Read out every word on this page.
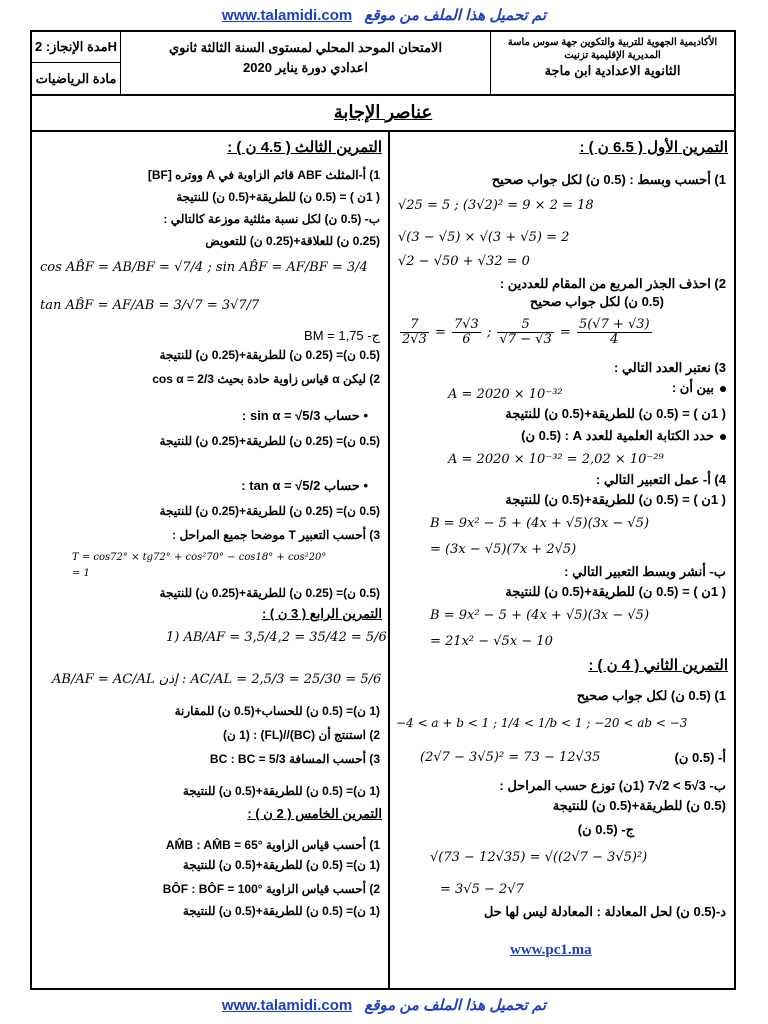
www.talamidi.com تم تحميل هذا الملف من موقع
مدة الإنجاز: 2H
مادة الرياضيات
الامتحان الموحد المحلي لمستوى السنة الثالثة ثانوي
اعدادي دورة يناير 2020
الأكاديمية الجهوية للتربية والتكوين جهة سوس ماسة
المديرية الإقليمية تزنيت
الثانوية الاعدادية ابن ماجة
عناصر الإجابة
التمرين الأول ( 6.5 ن ) :
1) أحسب وبسط : (0.5 ن) لكل جواب صحيح
√25 = 5 ; (3√2)² = 9 × 2 = 18
√(3 − √5) × √(3 + √5) = 2
√2 − √50 + √32 = 0
2) احذف الجذر المربع من المقام للعددين :
(0.5 ن) لكل جواب صحيح
$\frac{7}{2√3} = \frac{7√3}{6}$ ; $\frac{5}{√7 - √3} = \frac{5(√7 + √3)}{4}$
3) نعتبر العدد التالي :
بين أن :
A = 2020 × 10⁻³²
( 1ن ) = (0.5 ن) للطريقة+(0.5 ن) للنتيجة
حدد الكتابة العلمية للعدد A : (0.5 ن)
A = 2020 × 10⁻³² = 2,02 × 10⁻²⁹
4) أ- عمل التعبير التالي :
( 1ن ) = (0.5 ن) للطريقة+(0.5 ن) للنتيجة
B = 9x² − 5 + (4x + √5)(3x − √5)
= (3x − √5)(7x + 2√5)
ب- أنشر وبسط التعبير التالي :
( 1ن ) = (0.5 ن) للطريقة+(0.5 ن) للنتيجة
B = 9x² − 5 + (4x + √5)(3x − √5)
= 21x² − √5x − 10
التمرين الثاني ( 4 ن ) :
1) (0.5 ن) لكل جواب صحيح
−4 < a + b < 1 ; 1/4 < 1/b < 1 ; −20 < ab < −3
(2√7 − 3√5)² = 73 − 12√35	أ- (0.5 ن)
ب- 3√5 > 2√7 (1ن) توزع حسب المراحل :
(0.5 ن) للطريقة+(0.5 ن) للنتيجة
ج- (0.5 ن)
√(73 − 12√35) = √((2√7 − 3√5)²)
= 3√5 − 2√7
د-(0.5 ن) لحل المعادلة : المعادلة ليس لها حل
www.pc1.ma
التمرين الثالث ( 4.5 ن ) :
1) أ-المثلث ABF قائم الزاوية في A ووتره [BF]
( 1ن ) = (0.5 ن) للطريقة+(0.5 ن) للنتيجة
ب- (0.5 ن) لكل نسبة مثلثية موزعة كالتالي :
(0.25 ن) للعلاقة+(0.25 ن) للتعويض
cos AB̂F = AB/BF = √7/4 ; sin AB̂F = AF/BF = 3/4
tan AB̂F = AF/AB = 3/√7 = 3√7/7
ج- BM = 1,75
(0.5 ن)= (0.25 ن) للطريقة+(0.25 ن) للنتيجة
2) ليكن α قياس زاوية حادة بحيث cos α = 2/3
• حساب sin α = √5/3 :
(0.5 ن)= (0.25 ن) للطريقة+(0.25 ن) للنتيجة
• حساب tan α = √5/2 :
(0.5 ن)= (0.25 ن) للطريقة+(0.25 ن) للنتيجة
3) أحسب التعبير T موضحا جميع المراحل :
T = cos72° × tg72° + cos²70° − cos18° + cos²20°
= 1
(0.5 ن)= (0.25 ن) للطريقة+(0.25 ن) للنتيجة
التمرين الرابع ( 3 ن ) :
1) AB/AF = 3,5/4,2 = 35/42 = 5/6
AB/AF = AC/AL إذن : AC/AL = 2,5/3 = 25/30 = 5/6
(1 ن)= (0.5 ن) للحساب+(0.5 ن) للمقارنة
2) استنتج أن (BC)//(FL) : (1 ن)
3) أحسب المسافة BC : BC = 5/3
(1 ن)= (0.5 ن) للطريقة+(0.5 ن) للنتيجة
التمرين الخامس ( 2 ن ) :
1) أحسب قياس الزاوية AM̂B : AM̂B = 65°
(1 ن)= (0.5 ن) للطريقة+(0.5 ن) للنتيجة
2) أحسب قياس الزاوية BÔF : BÔF = 100°
(1 ن)= (0.5 ن) للطريقة+(0.5 ن) للنتيجة
www.talamidi.com تم تحميل هذا الملف من موقع
